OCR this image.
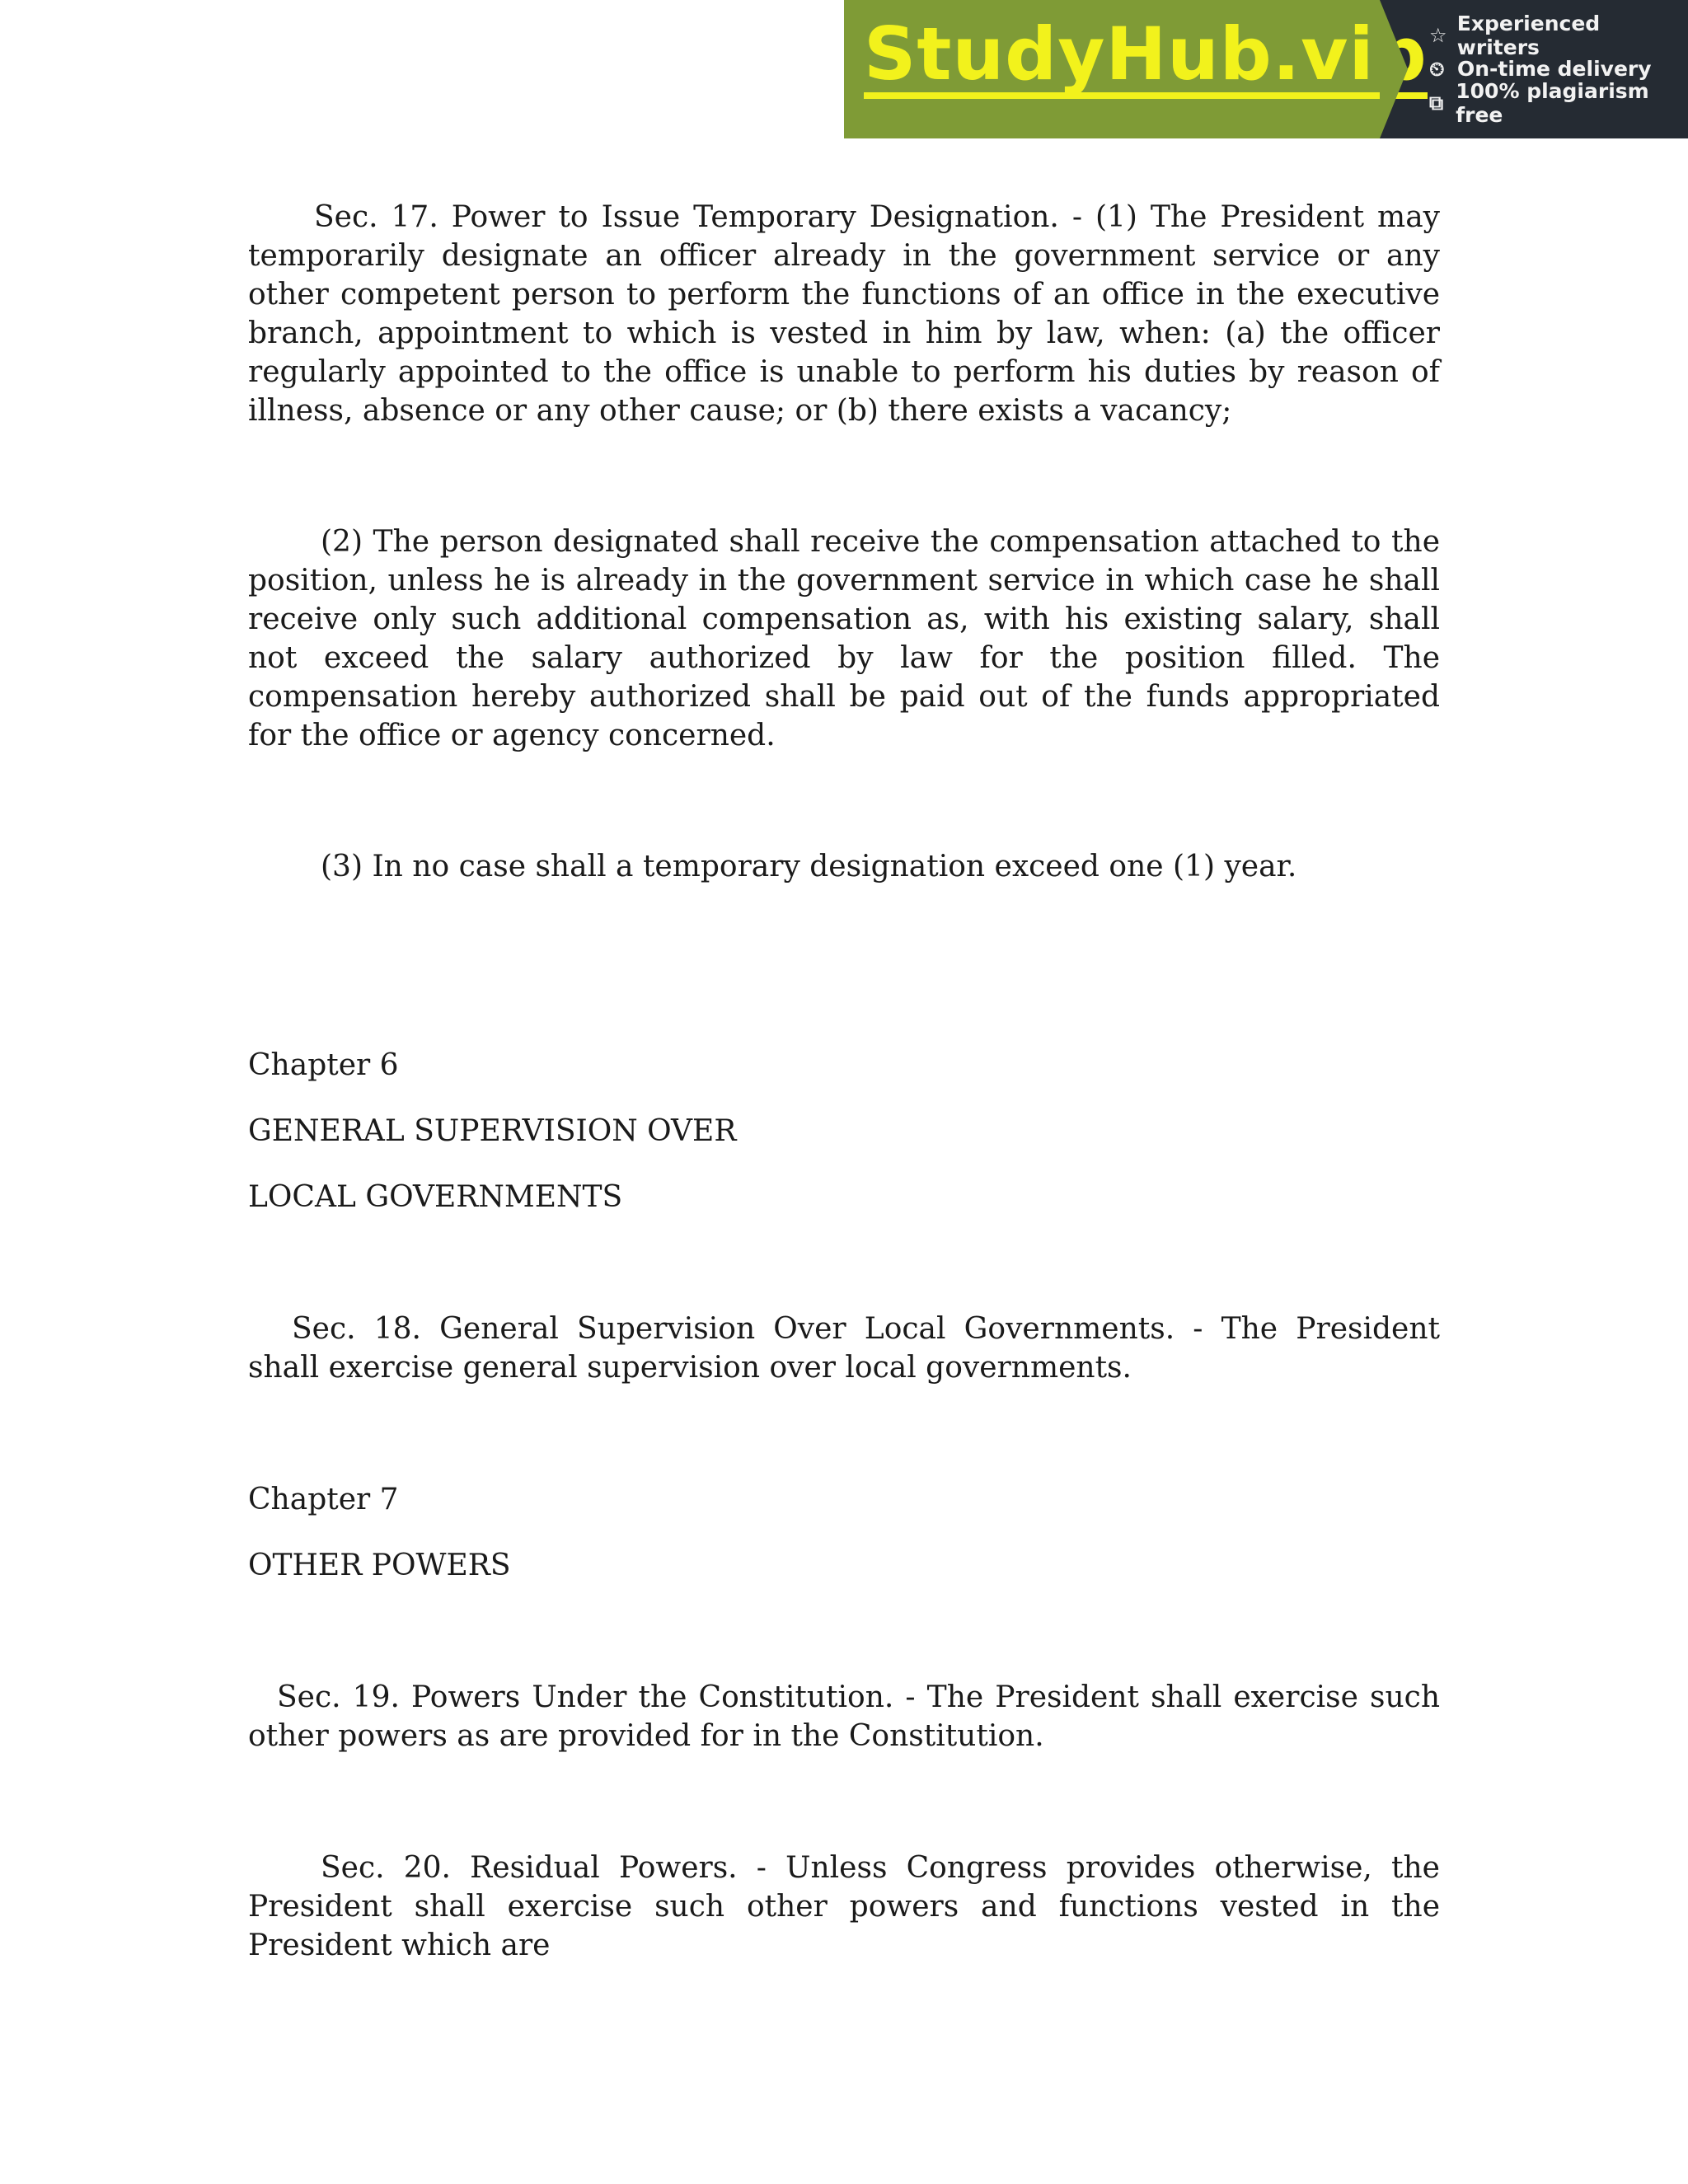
StudyHub.vip ☆ Experienced writers
⏲ On-time delivery
⧉ 100% plagiarism free

Sec. 17. Power to Issue Temporary Designation. - (1) The President may temporarily designate an officer already in the government service or any other competent person to perform the functions of an office in the executive branch, appointment to which is vested in him by law, when: (a) the officer regularly appointed to the office is unable to perform his duties by reason of illness, absence or any other cause; or (b) there exists a vacancy;

(2) The person designated shall receive the compensation attached to the position, unless he is already in the government service in which case he shall receive only such additional compensation as, with his existing salary, shall not exceed the salary authorized by law for the position filled. The compensation hereby authorized shall be paid out of the funds appropriated for the office or agency concerned.

(3) In no case shall a temporary designation exceed one (1) year.

Chapter 6

GENERAL SUPERVISION OVER

LOCAL GOVERNMENTS

Sec. 18. General Supervision Over Local Governments. - The President shall exercise general supervision over local governments.

Chapter 7

OTHER POWERS

Sec. 19. Powers Under the Constitution. - The President shall exercise such other powers as are provided for in the Constitution.

Sec. 20. Residual Powers. - Unless Congress provides otherwise, the President shall exercise such other powers and functions vested in the President which are
